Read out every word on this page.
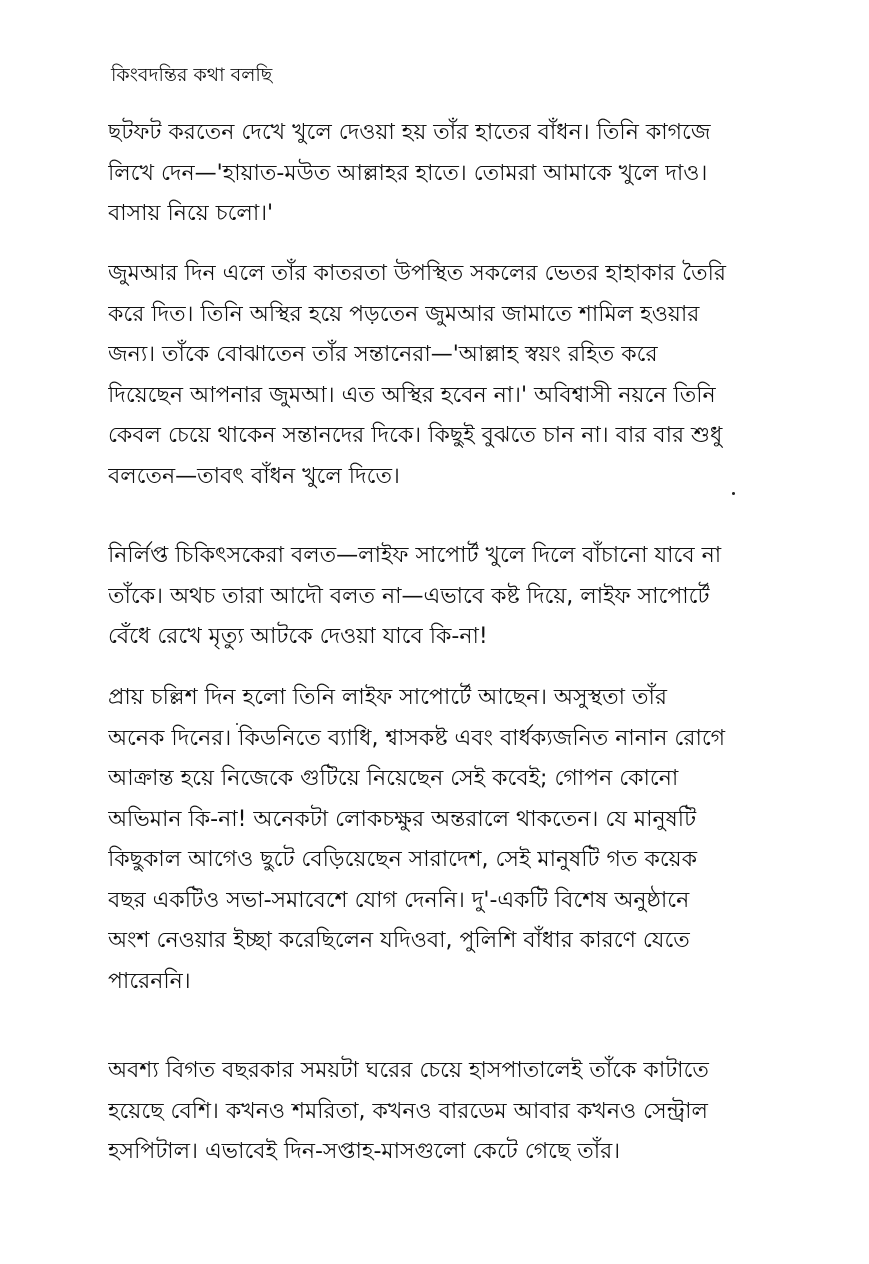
কিংবদন্তির কথা বলছি
ছটফট করতেন দেখে খুলে দেওয়া হয় তাঁর হাতের বাঁধন। তিনি কাগজে
লিখে দেন—'হায়াত-মউত আল্লাহর হাতে। তোমরা আমাকে খুলে দাও।
বাসায় নিয়ে চলো।'
জুমআর দিন এলে তাঁর কাতরতা উপস্থিত সকলের ভেতর হাহাকার তৈরি
করে দিত। তিনি অস্থির হয়ে পড়তেন জুমআর জামাতে শামিল হওয়ার
জন্য। তাঁকে বোঝাতেন তাঁর সন্তানেরা—'আল্লাহ স্বয়ং রহিত করে
দিয়েছেন আপনার জুমআ। এত অস্থির হবেন না।' অবিশ্বাসী নয়নে তিনি
কেবল চেয়ে থাকেন সন্তানদের দিকে। কিছুই বুঝতে চান না। বার বার শুধু
বলতেন—তাবৎ বাঁধন খুলে দিতে।
নির্লিপ্ত চিকিৎসকেরা বলত—লাইফ সাপোর্ট খুলে দিলে বাঁচানো যাবে না
তাঁকে। অথচ তারা আদৌ বলত না—এভাবে কষ্ট দিয়ে, লাইফ সাপোর্টে
বেঁধে রেখে মৃত্যু আটকে দেওয়া যাবে কি-না!
প্রায় চল্লিশ দিন হলো তিনি লাইফ সাপোর্টে আছেন। অসুস্থতা তাঁর
অনেক দিনের। কিডনিতে ব্যাধি, শ্বাসকষ্ট এবং বার্ধক্যজনিত নানান রোগে
আক্রান্ত হয়ে নিজেকে গুটিয়ে নিয়েছেন সেই কবেই; গোপন কোনো
অভিমান কি-না! অনেকটা লোকচক্ষুর অন্তরালে থাকতেন। যে মানুষটি
কিছুকাল আগেও ছুটে বেড়িয়েছেন সারাদেশ, সেই মানুষটি গত কয়েক
বছর একটিও সভা-সমাবেশে যোগ দেননি। দু'-একটি বিশেষ অনুষ্ঠানে
অংশ নেওয়ার ইচ্ছা করেছিলেন যদিওবা, পুলিশি বাঁধার কারণে যেতে
পারেননি।
অবশ্য বিগত বছরকার সময়টা ঘরের চেয়ে হাসপাতালেই তাঁকে কাটাতে
হয়েছে বেশি। কখনও শমরিতা, কখনও বারডেম আবার কখনও সেন্ট্রাল
হসপিটাল। এভাবেই দিন-সপ্তাহ-মাসগুলো কেটে গেছে তাঁর।
